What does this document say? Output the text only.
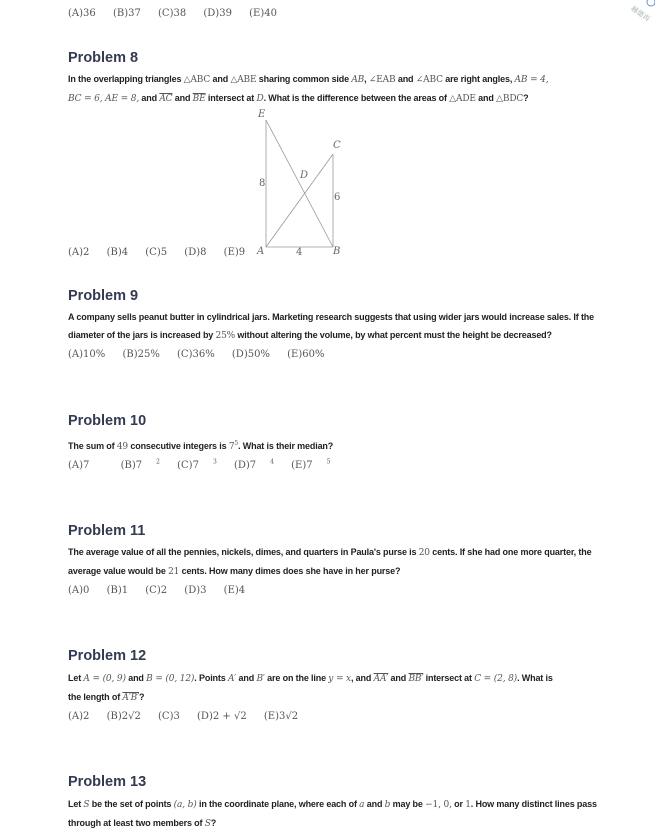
赫德再
(A)36 (B)37 (C)38 (D)39 (E)40
Problem 8
In the overlapping triangles △ABC and △ABE sharing common side AB, ∠EAB and ∠ABC are right angles, AB = 4,
BC = 6, AE = 8, and $\overline{AC}$ and $\overline{BE}$ intersect at D. What is the difference between the areas of △ADE and △BDC?
E
C
D
A	B
8
6
4
(A)2 (B)4 (C)5 (D)8 (E)9
Problem 9
A company sells peanut butter in cylindrical jars. Marketing research suggests that using wider jars would increase sales. If the
diameter of the jars is increased by 25% without altering the volume, by what percent must the height be decreased?
(A)10% (B)25% (C)36% (D)50% (E)60%
Problem 10
The sum of 49 consecutive integers is $7^5$. What is their median?
(A)7	(B)7 $^2$ (C)7 $^3$ (D)7 $^4$ (E)7 $^5$
Problem 11
The average value of all the pennies, nickels, dimes, and quarters in Paula's purse is 20 cents. If she had one more quarter, the
average value would be 21 cents. How many dimes does she have in her purse?
(A)0 (B)1 (C)2 (D)3 (E)4
Problem 12
Let A = (0, 9) and B = (0, 12). Points A′ and B′ are on the line y = x, and AA′ and BB′ intersect at C = (2, 8). What is
the length of A′B′?
(A)2 (B)2√2 (C)3 (D)2 + √2 (E)3√2
Problem 13
Let S be the set of points (a, b) in the coordinate plane, where each of a and b may be −1, 0, or 1. How many distinct lines pass
through at least two members of S?
